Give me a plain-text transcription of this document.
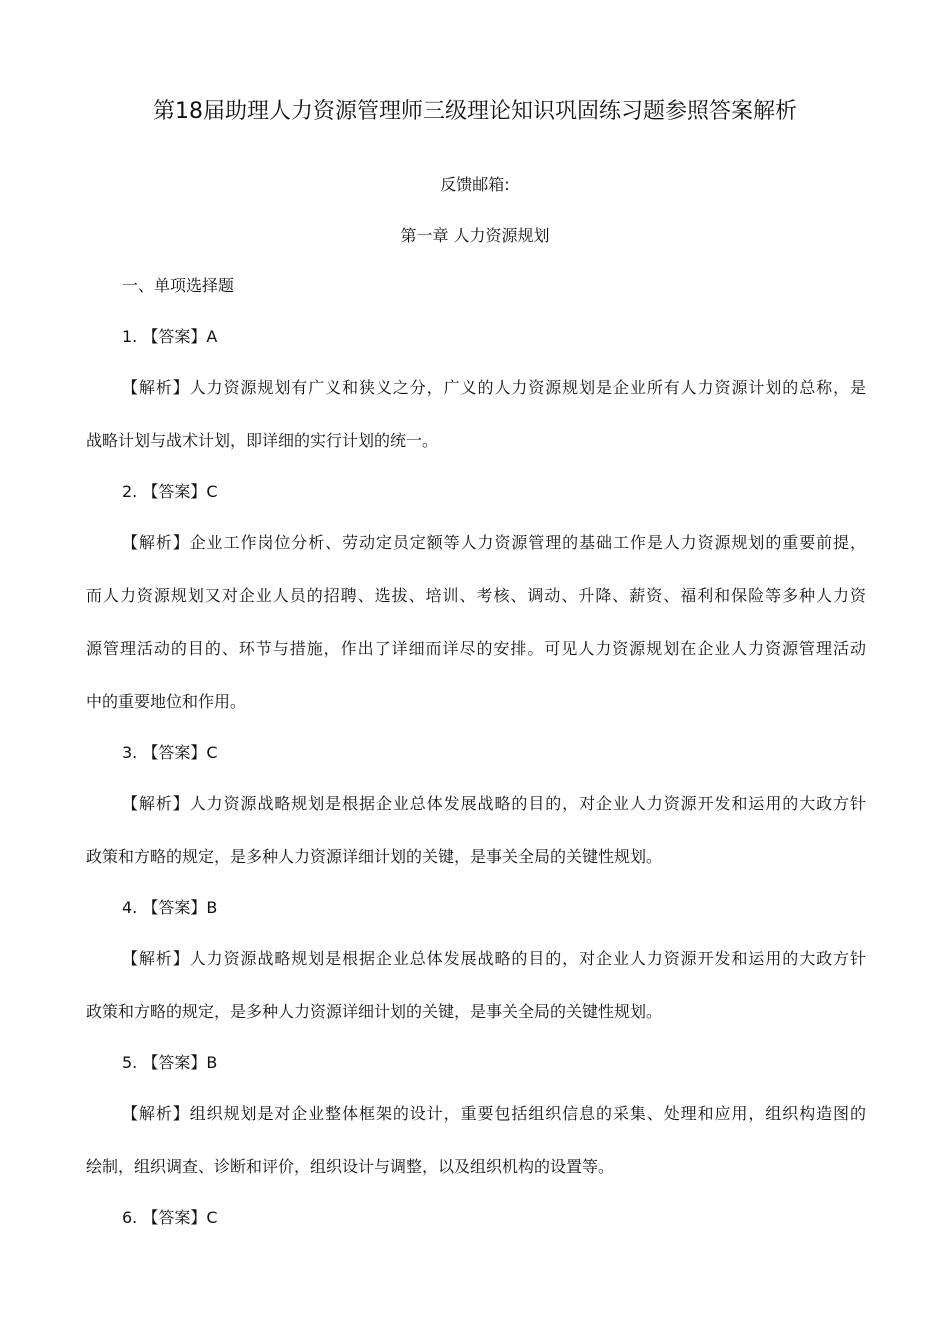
第18届助理人力资源管理师三级理论知识巩固练习题参照答案解析
反馈邮箱:
第一章 人力资源规划
一、单项选择题
1. 【答案】A
【解析】人力资源规划有广义和狭义之分，广义的人力资源规划是企业所有人力资源计划的总称，是
战略计划与战术计划，即详细的实行计划的统一。
2. 【答案】C
【解析】企业工作岗位分析、劳动定员定额等人力资源管理的基础工作是人力资源规划的重要前提，
而人力资源规划又对企业人员的招聘、选拔、培训、考核、调动、升降、薪资、福利和保险等多种人力资
源管理活动的目的、环节与措施，作出了详细而详尽的安排。可见人力资源规划在企业人力资源管理活动
中的重要地位和作用。
3. 【答案】C
【解析】人力资源战略规划是根据企业总体发展战略的目的，对企业人力资源开发和运用的大政方针
政策和方略的规定，是多种人力资源详细计划的关键，是事关全局的关键性规划。
4. 【答案】B
【解析】人力资源战略规划是根据企业总体发展战略的目的，对企业人力资源开发和运用的大政方针
政策和方略的规定，是多种人力资源详细计划的关键，是事关全局的关键性规划。
5. 【答案】B
【解析】组织规划是对企业整体框架的设计，重要包括组织信息的采集、处理和应用，组织构造图的
绘制，组织调查、诊断和评价，组织设计与调整，以及组织机构的设置等。
6. 【答案】C
